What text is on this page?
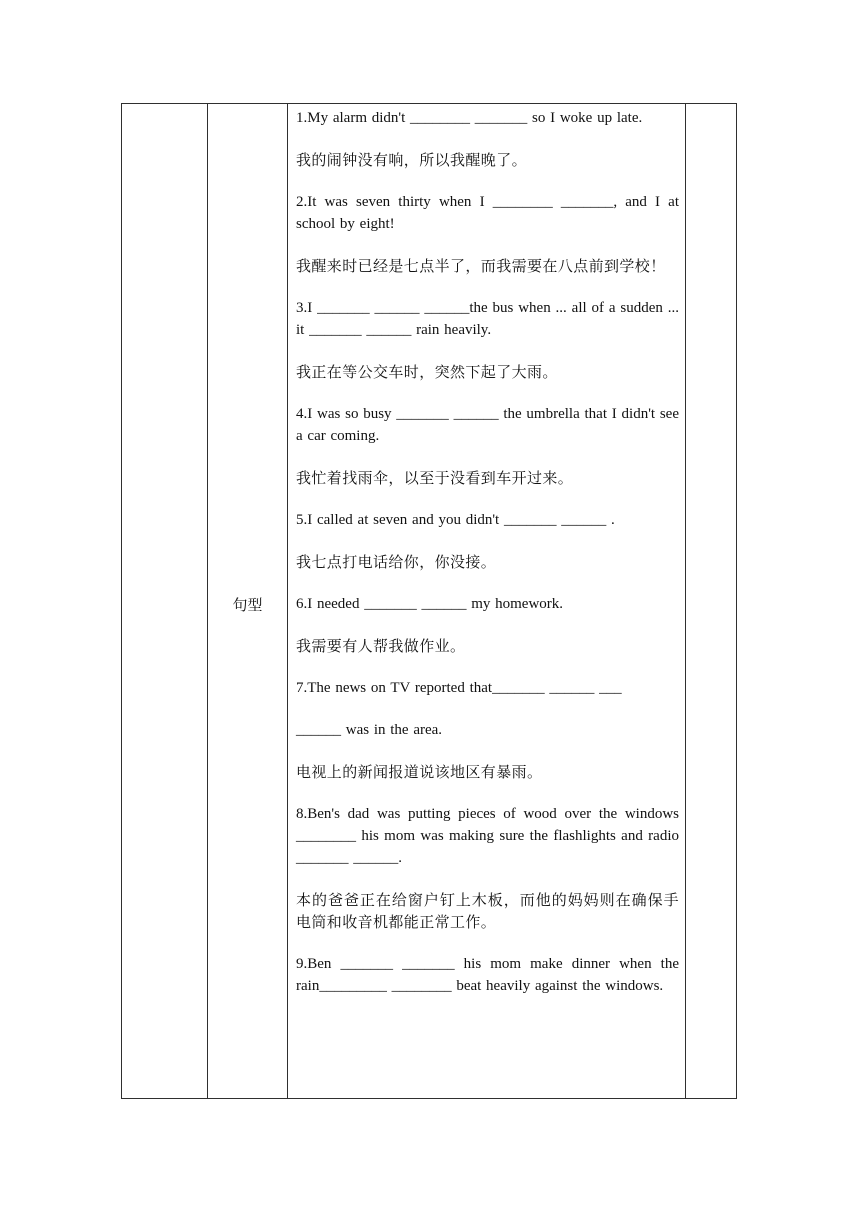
句型

1.My alarm didn't ________ _______ so I woke up late.

我的闹钟没有响，所以我醒晚了。

2.It was seven thirty when I ________ _______, and I at school by eight!

我醒来时已经是七点半了，而我需要在八点前到学校！

3.I _______ ______ ______the bus when ... all of a sudden ... it _______ ______ rain heavily.

我正在等公交车时，突然下起了大雨。

4.I was so busy _______ ______ the umbrella that I didn't see a car coming.

我忙着找雨伞，以至于没看到车开过来。

5.I called at seven and you didn't _______ ______ .

我七点打电话给你，你没接。

6.I needed _______ ______ my homework.

我需要有人帮我做作业。

7.The news on TV reported that_______ ______ ___

______ was in the area.

电视上的新闻报道说该地区有暴雨。

8.Ben's dad was putting pieces of wood over the windows ________ his mom was making sure the flashlights and radio _______ ______.

本的爸爸正在给窗户钉上木板，而他的妈妈则在确保手电筒和收音机都能正常工作。

9.Ben _______ _______ his mom make dinner when the rain_________ ________ beat heavily against the windows.
